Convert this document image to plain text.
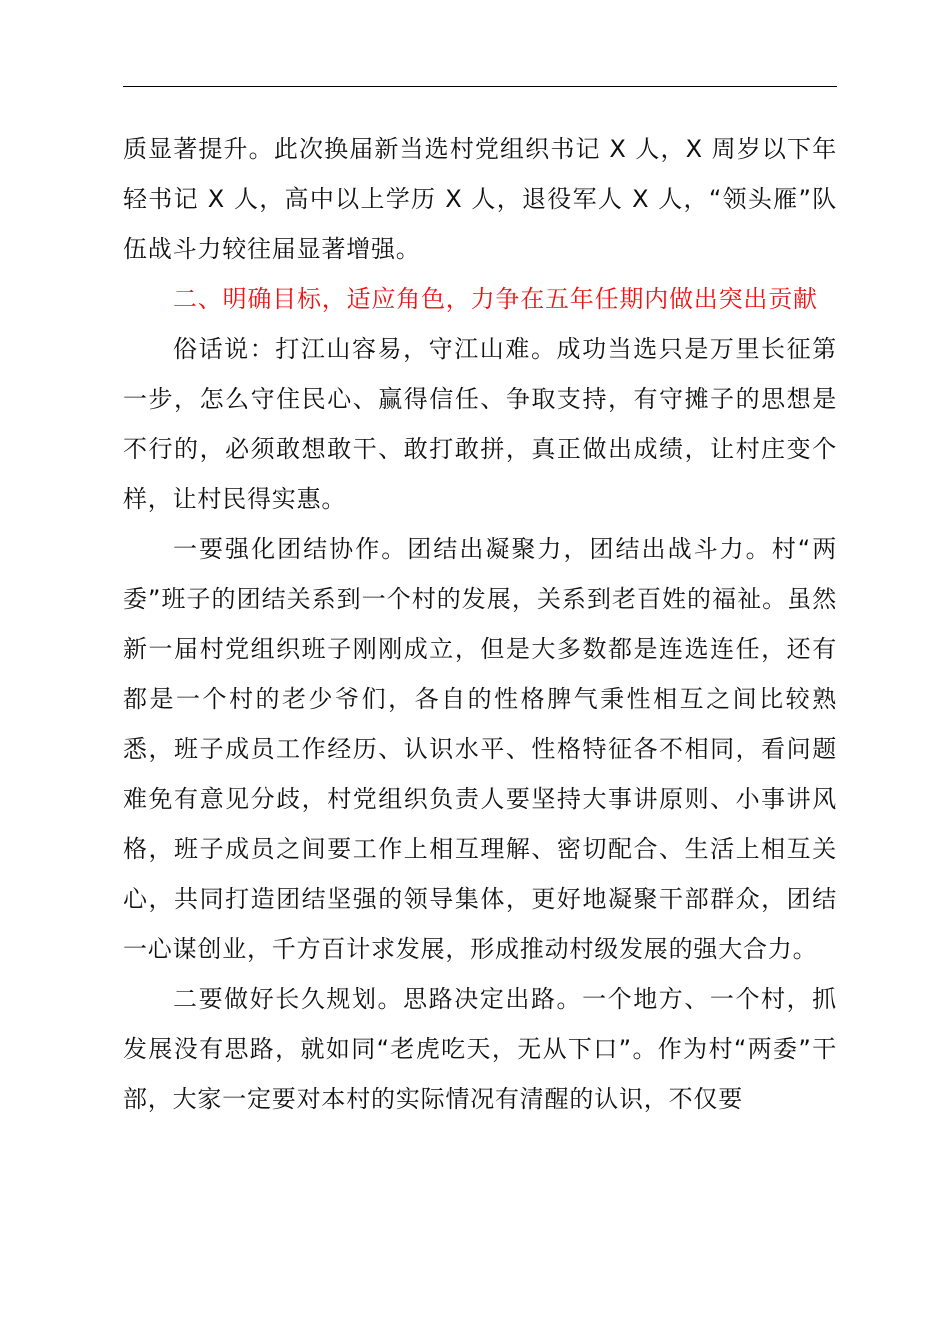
质显著提升。此次换届新当选村党组织书记 X 人，X 周岁以下年轻书记 X 人，高中以上学历 X 人，退役军人 X 人，“领头雁”队伍战斗力较往届显著增强。

二、明确目标，适应角色，力争在五年任期内做出突出贡献

俗话说：打江山容易，守江山难。成功当选只是万里长征第一步，怎么守住民心、赢得信任、争取支持，有守摊子的思想是不行的，必须敢想敢干、敢打敢拼，真正做出成绩，让村庄变个样，让村民得实惠。

一要强化团结协作。团结出凝聚力，团结出战斗力。村“两委”班子的团结关系到一个村的发展，关系到老百姓的福祉。虽然新一届村党组织班子刚刚成立，但是大多数都是连选连任，还有都是一个村的老少爷们，各自的性格脾气秉性相互之间比较熟悉，班子成员工作经历、认识水平、性格特征各不相同，看问题难免有意见分歧，村党组织负责人要坚持大事讲原则、小事讲风格，班子成员之间要工作上相互理解、密切配合、生活上相互关心，共同打造团结坚强的领导集体，更好地凝聚干部群众，团结一心谋创业，千方百计求发展，形成推动村级发展的强大合力。

二要做好长久规划。思路决定出路。一个地方、一个村，抓发展没有思路，就如同“老虎吃天，无从下口”。作为村“两委”干部，大家一定要对本村的实际情况有清醒的认识，不仅要
